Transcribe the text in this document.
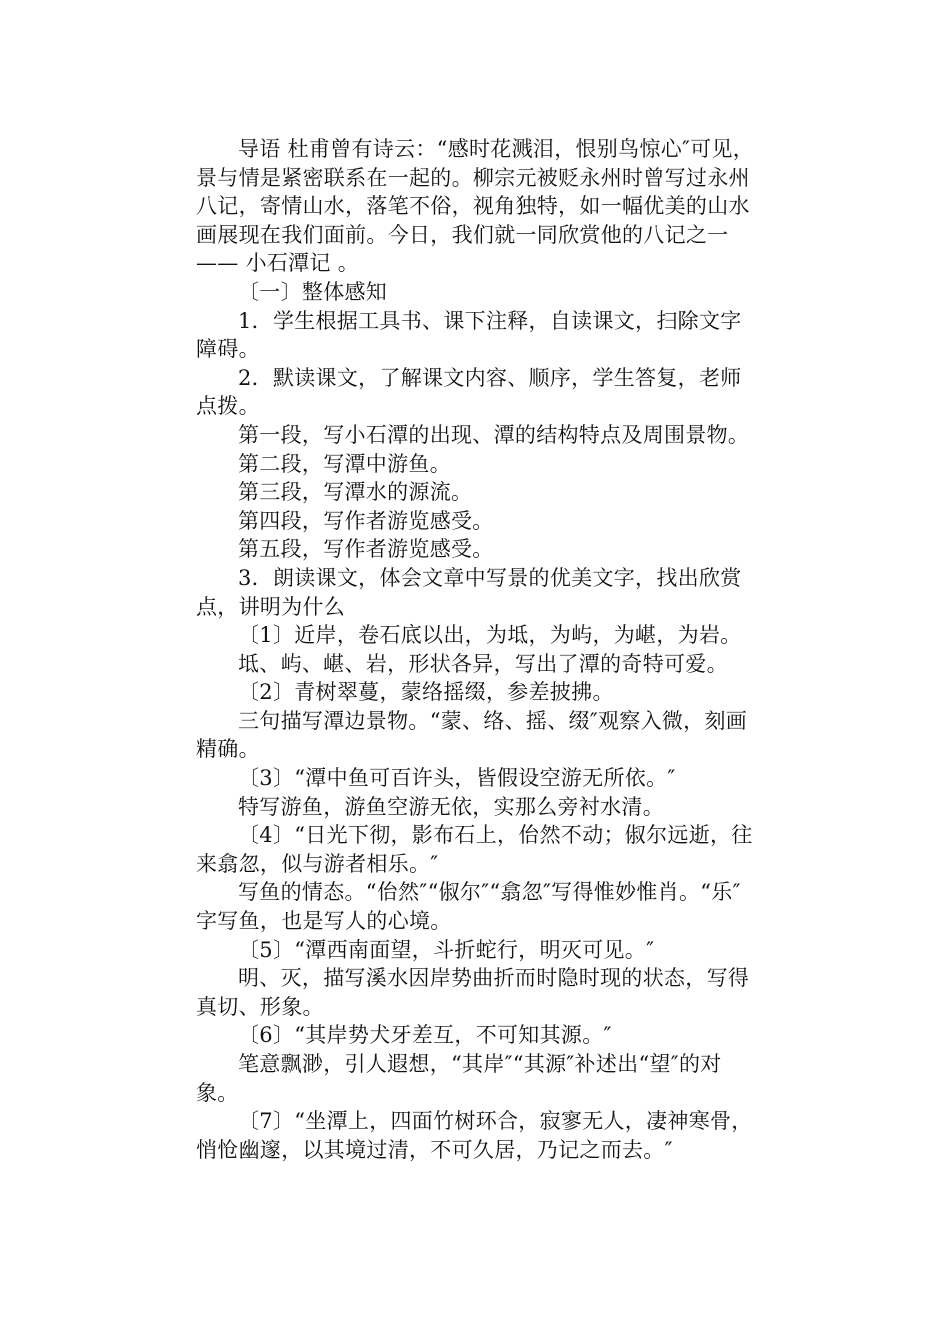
导语 杜甫曾有诗云：“感时花溅泪，恨别鸟惊心″可见，景与情是紧密联系在一起的。柳宗元被贬永州时曾写过永州八记，寄情山水，落笔不俗，视角独特，如一幅优美的山水画展现在我们面前。今日，我们就一同欣赏他的八记之一—— 小石潭记 。

〔一〕整体感知

1．学生根据工具书、课下注释，自读课文，扫除文字障碍。

2．默读课文，了解课文内容、顺序，学生答复，老师点拨。

第一段，写小石潭的出现、潭的结构特点及周围景物。

第二段，写潭中游鱼。

第三段，写潭水的源流。

第四段，写作者游览感受。

第五段，写作者游览感受。

3．朗读课文，体会文章中写景的优美文字，找出欣赏点，讲明为什么

〔1〕近岸，卷石底以出，为坻，为屿，为嵁，为岩。

坻、屿、嵁、岩，形状各异，写出了潭的奇特可爱。

〔2〕青树翠蔓，蒙络摇缀，参差披拂。

三句描写潭边景物。“蒙、络、摇、缀″观察入微，刻画精确。

〔3〕“潭中鱼可百许头，皆假设空游无所依。″

特写游鱼，游鱼空游无依，实那么旁衬水清。

〔4〕“日光下彻，影布石上，佁然不动；俶尔远逝，往来翕忽，似与游者相乐。″

写鱼的情态。“佁然″“俶尔″“翕忽″写得惟妙惟肖。“乐″字写鱼，也是写人的心境。

〔5〕“潭西南面望，斗折蛇行，明灭可见。″

明、灭，描写溪水因岸势曲折而时隐时现的状态，写得真切、形象。

〔6〕“其岸势犬牙差互，不可知其源。″

笔意飘渺，引人遐想，“其岸″“其源″补述出“望″的对象。

〔7〕“坐潭上，四面竹树环合，寂寥无人，凄神寒骨，悄怆幽邃，以其境过清，不可久居，乃记之而去。″
